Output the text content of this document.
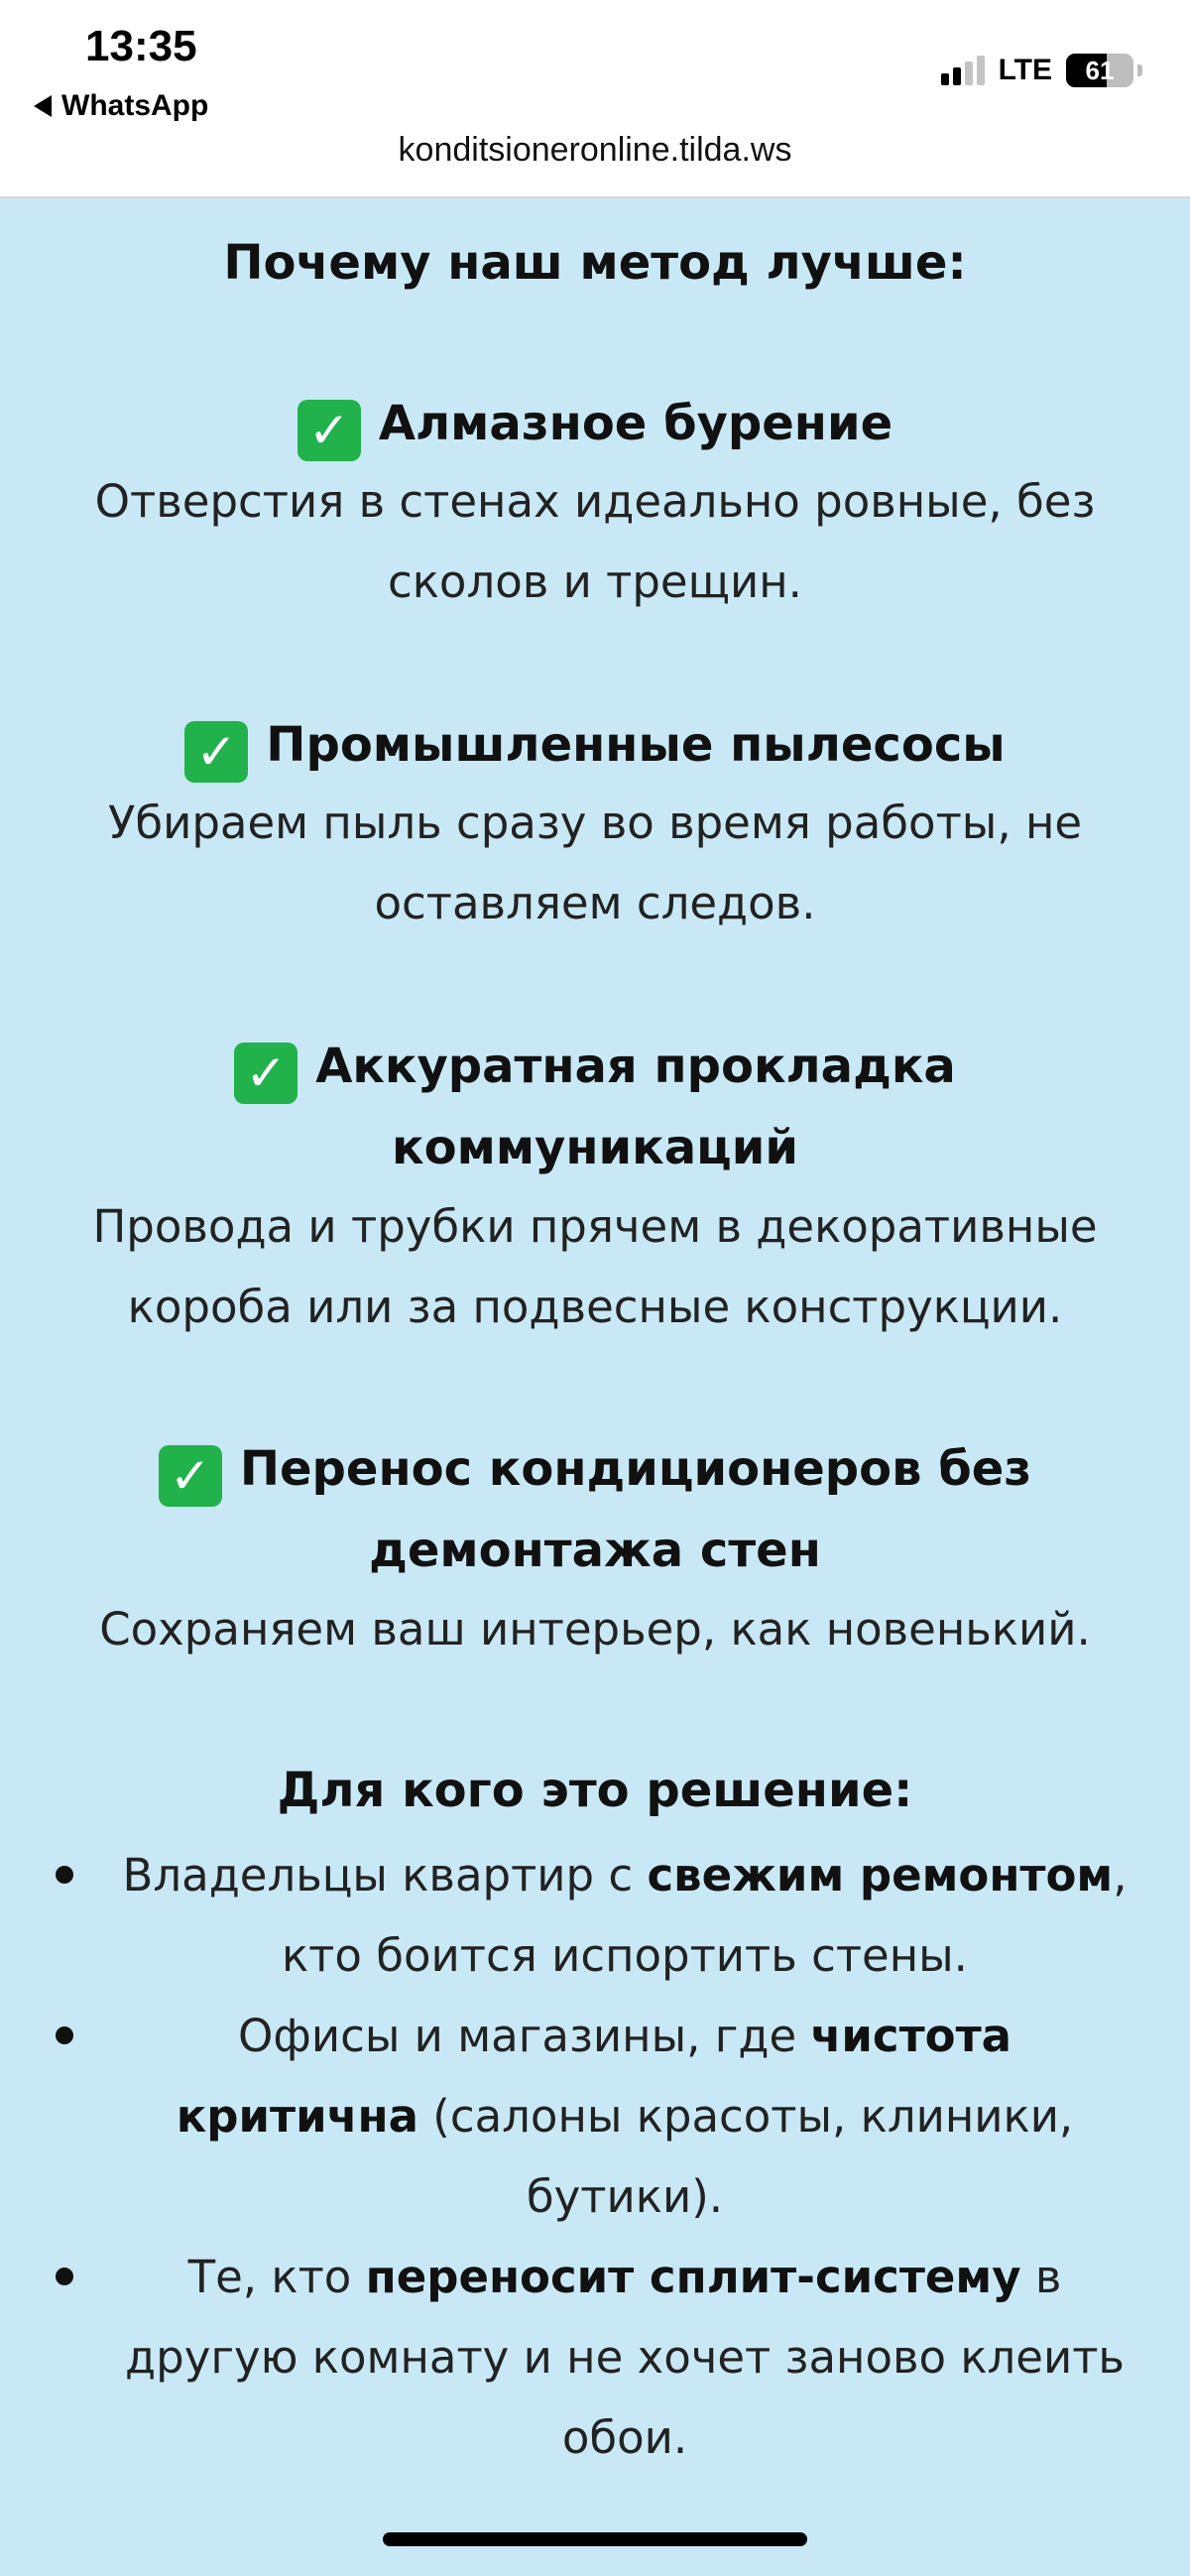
13:35
WhatsApp
LTE	61
konditsioneronline.tilda.ws
Почему наш метод лучше:
✓ Алмазное бурение
Отверстия в стенах идеально ровные, без сколов и трещин.
✓ Промышленные пылесосы
Убираем пыль сразу во время работы, не оставляем следов.
✓ Аккуратная прокладка коммуникаций
Провода и трубки прячем в декоративные короба или за подвесные конструкции.
✓ Перенос кондиционеров без демонтажа стен
Сохраняем ваш интерьер, как новенький.
Для кого это решение:
Владельцы квартир с свежим ремонтом, кто боится испортить стены.
Офисы и магазины, где чистота критична (салоны красоты, клиники, бутики).
Те, кто переносит сплит-систему в другую комнату и не хочет заново клеить обои.
